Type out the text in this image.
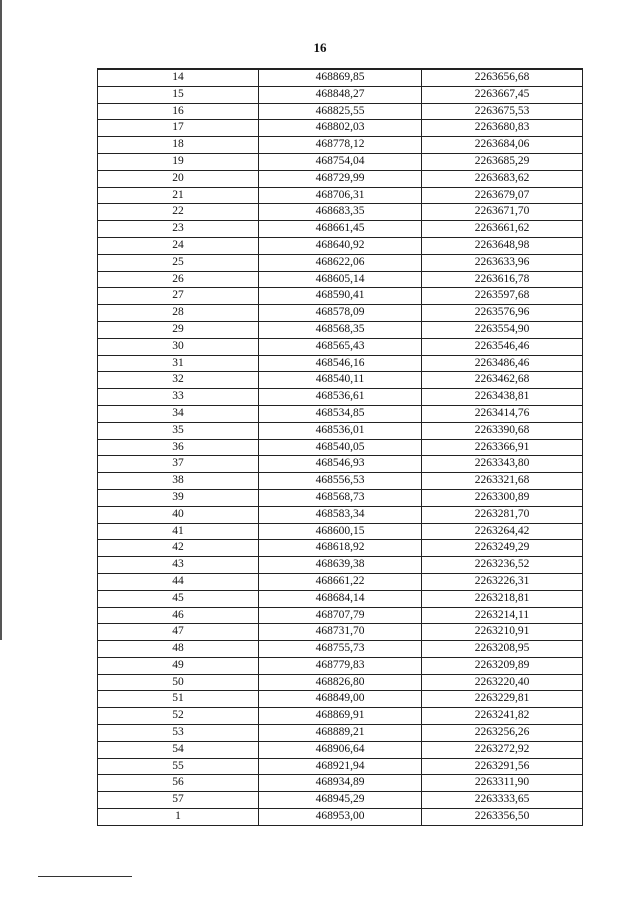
16
14	468869,85	2263656,68
15	468848,27	2263667,45
16	468825,55	2263675,53
17	468802,03	2263680,83
18	468778,12	2263684,06
19	468754,04	2263685,29
20	468729,99	2263683,62
21	468706,31	2263679,07
22	468683,35	2263671,70
23	468661,45	2263661,62
24	468640,92	2263648,98
25	468622,06	2263633,96
26	468605,14	2263616,78
27	468590,41	2263597,68
28	468578,09	2263576,96
29	468568,35	2263554,90
30	468565,43	2263546,46
31	468546,16	2263486,46
32	468540,11	2263462,68
33	468536,61	2263438,81
34	468534,85	2263414,76
35	468536,01	2263390,68
36	468540,05	2263366,91
37	468546,93	2263343,80
38	468556,53	2263321,68
39	468568,73	2263300,89
40	468583,34	2263281,70
41	468600,15	2263264,42
42	468618,92	2263249,29
43	468639,38	2263236,52
44	468661,22	2263226,31
45	468684,14	2263218,81
46	468707,79	2263214,11
47	468731,70	2263210,91
48	468755,73	2263208,95
49	468779,83	2263209,89
50	468826,80	2263220,40
51	468849,00	2263229,81
52	468869,91	2263241,82
53	468889,21	2263256,26
54	468906,64	2263272,92
55	468921,94	2263291,56
56	468934,89	2263311,90
57	468945,29	2263333,65
1	468953,00	2263356,50
